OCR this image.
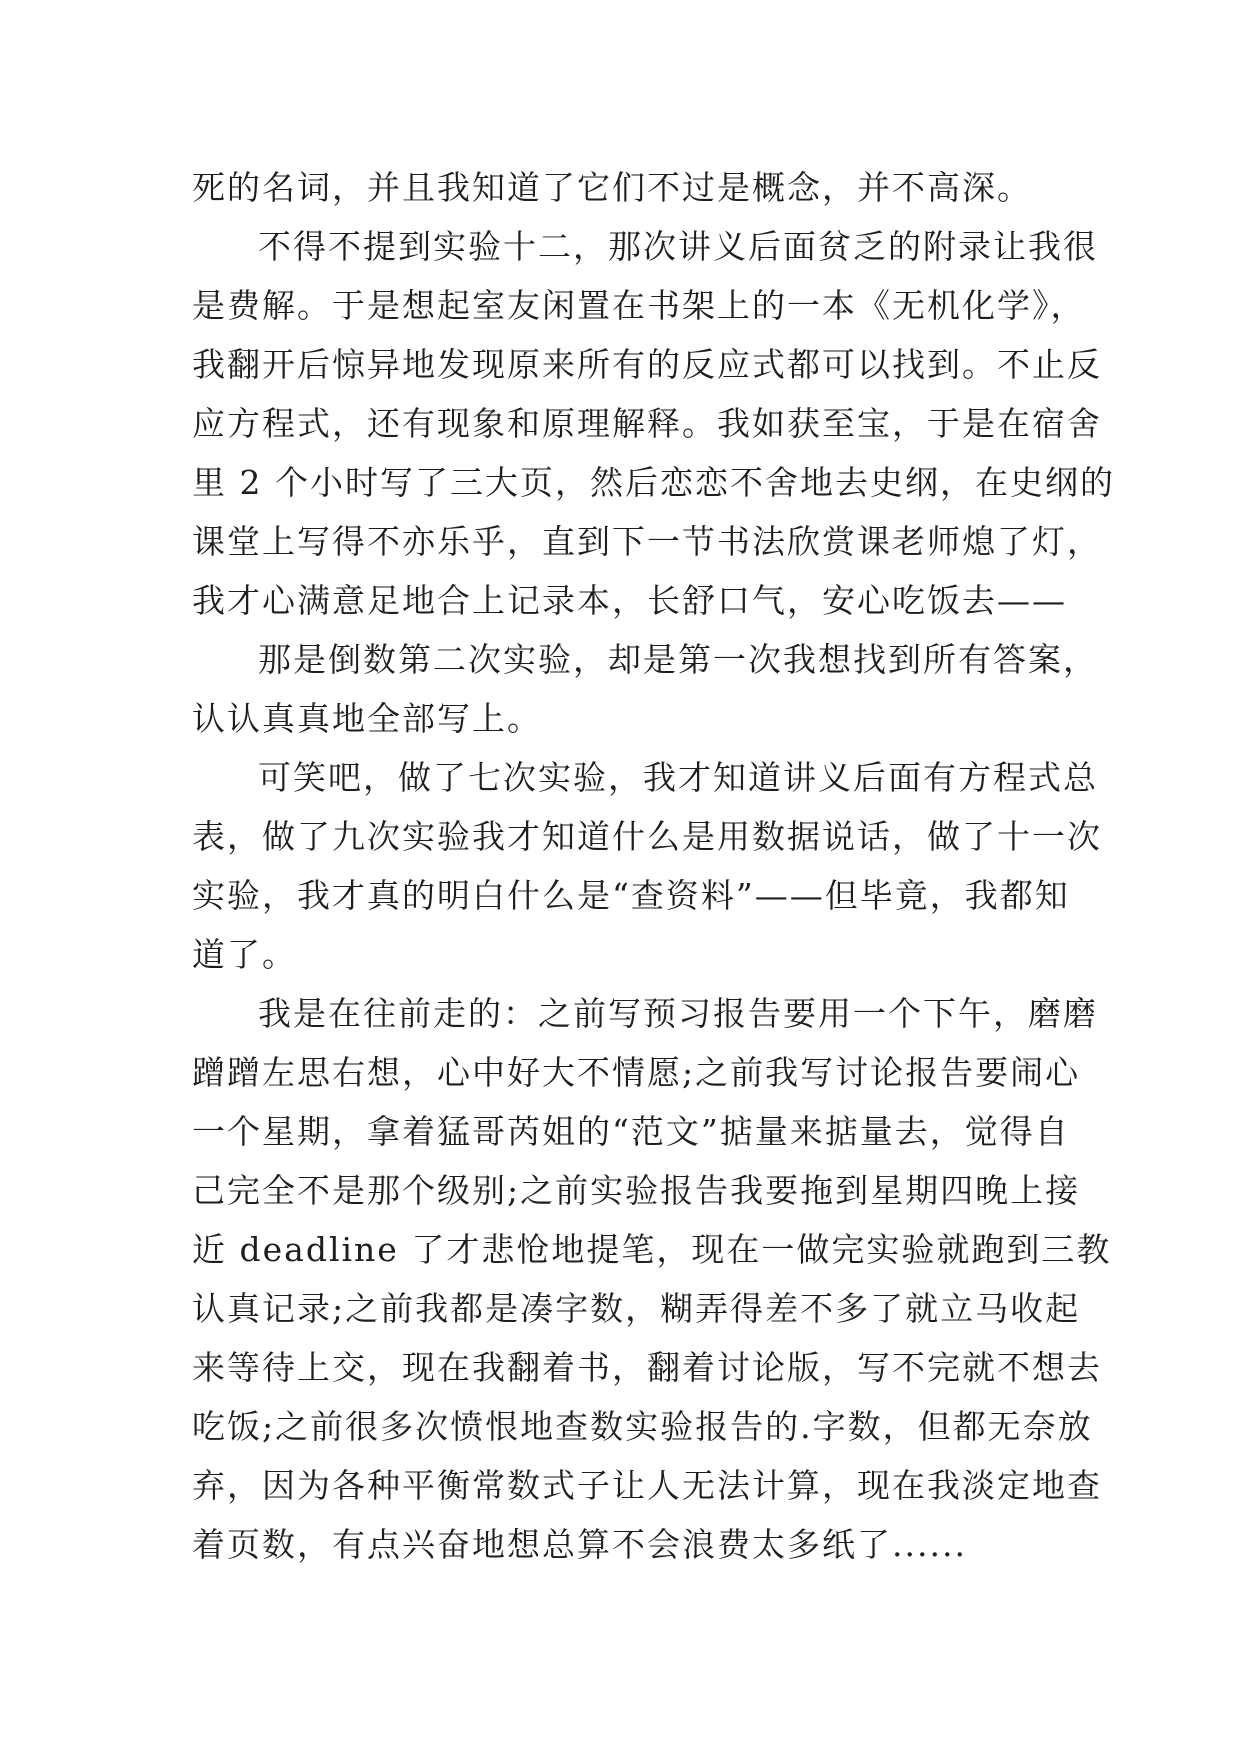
死的名词，并且我知道了它们不过是概念，并不高深。
不得不提到实验十二，那次讲义后面贫乏的附录让我很
是费解。于是想起室友闲置在书架上的一本《无机化学》，
我翻开后惊异地发现原来所有的反应式都可以找到。不止反
应方程式，还有现象和原理解释。我如获至宝，于是在宿舍
里 2 个小时写了三大页，然后恋恋不舍地去史纲，在史纲的
课堂上写得不亦乐乎，直到下一节书法欣赏课老师熄了灯，
我才心满意足地合上记录本，长舒口气，安心吃饭去——
那是倒数第二次实验，却是第一次我想找到所有答案，
认认真真地全部写上。
可笑吧，做了七次实验，我才知道讲义后面有方程式总
表，做了九次实验我才知道什么是用数据说话，做了十一次
实验，我才真的明白什么是“查资料”——但毕竟，我都知
道了。
我是在往前走的：之前写预习报告要用一个下午，磨磨
蹭蹭左思右想，心中好大不情愿;之前我写讨论报告要闹心
一个星期，拿着猛哥芮姐的“范文”掂量来掂量去，觉得自
己完全不是那个级别;之前实验报告我要拖到星期四晚上接
近 deadline 了才悲怆地提笔，现在一做完实验就跑到三教
认真记录;之前我都是凑字数，糊弄得差不多了就立马收起
来等待上交，现在我翻着书，翻着讨论版，写不完就不想去
吃饭;之前很多次愤恨地查数实验报告的.字数，但都无奈放
弃，因为各种平衡常数式子让人无法计算，现在我淡定地查
着页数，有点兴奋地想总算不会浪费太多纸了......
